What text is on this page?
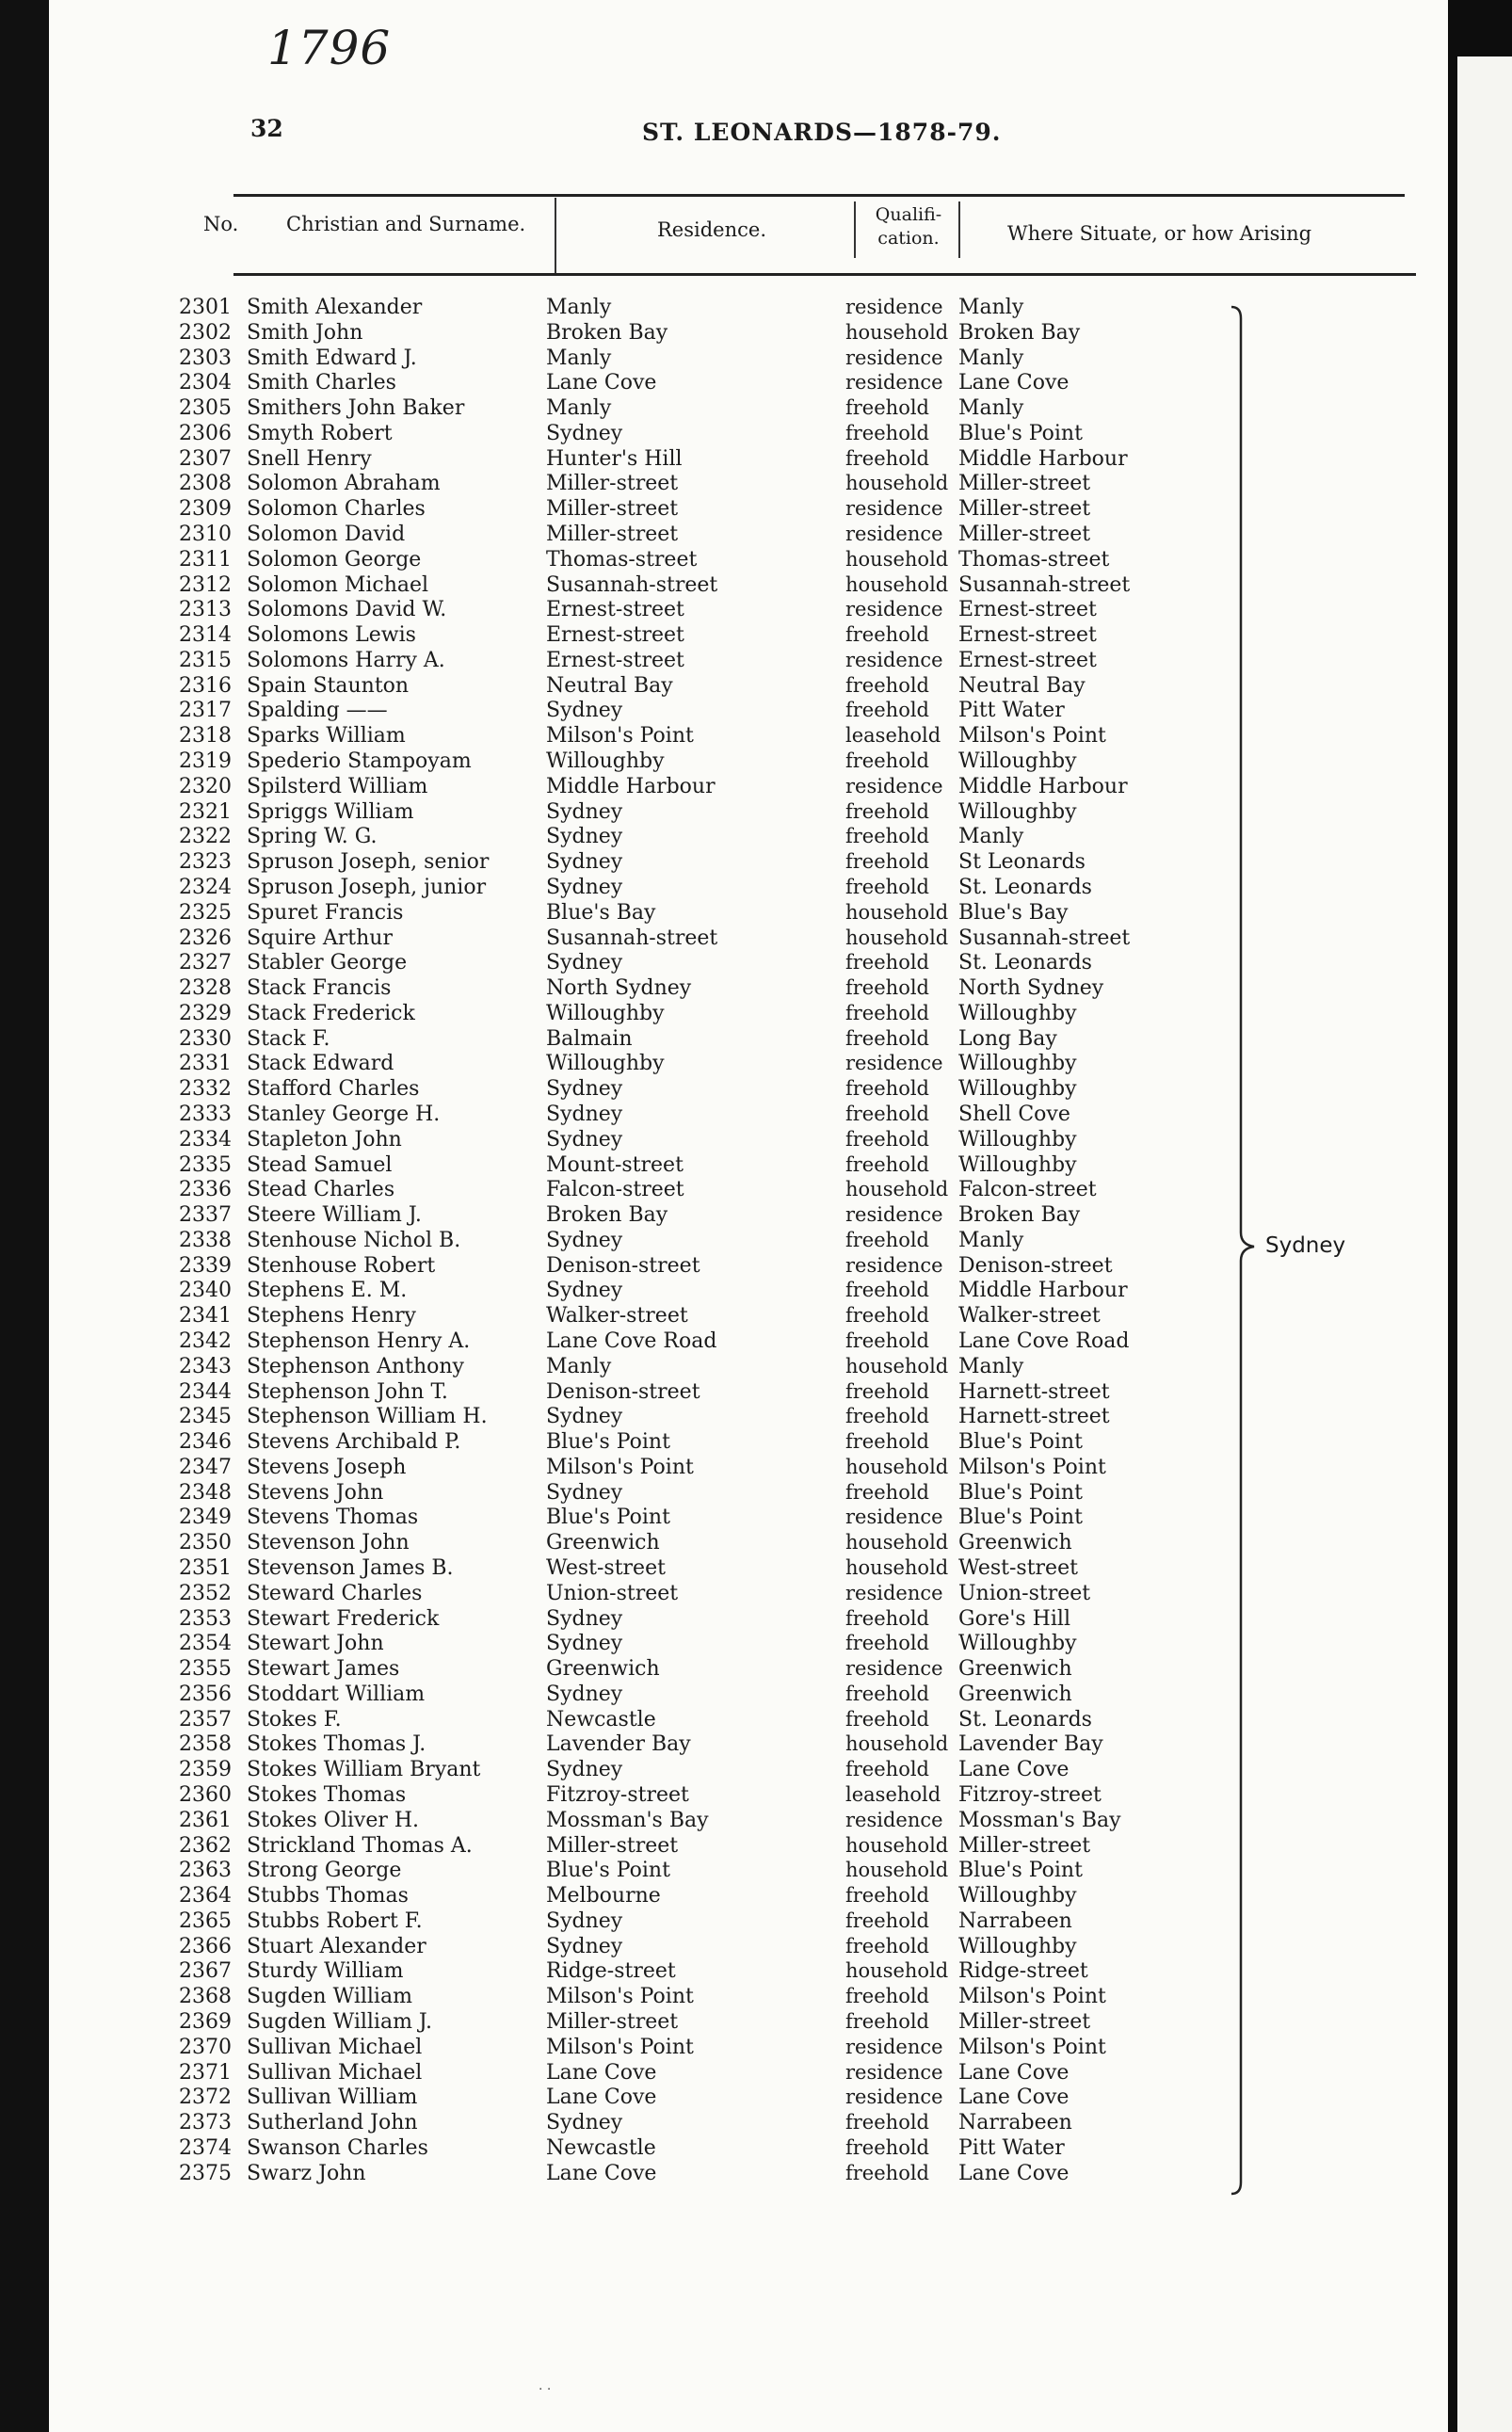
1796
32	ST. LEONARDS—1878-79.
No. Christian and Surname.	Residence.
Qualifi-
cation.	Where Situate, or how Arising
2301 Smith Alexander	Manly	residence Manly
2302 Smith John	Broken Bay	household Broken Bay
2303 Smith Edward J.	Manly	residence Manly
2304 Smith Charles	Lane Cove	residence Lane Cove
2305 Smithers John Baker	Manly	freehold Manly
2306 Smyth Robert	Sydney	freehold Blue's Point
2307 Snell Henry	Hunter's Hill	freehold Middle Harbour
2308 Solomon Abraham	Miller-street	household Miller-street
2309 Solomon Charles	Miller-street	residence Miller-street
2310 Solomon David	Miller-street	residence Miller-street
2311 Solomon George	Thomas-street	household Thomas-street
2312 Solomon Michael	Susannah-street	household Susannah-street
2313 Solomons David W.	Ernest-street	residence Ernest-street
2314 Solomons Lewis	Ernest-street	freehold Ernest-street
2315 Solomons Harry A.	Ernest-street	residence Ernest-street
2316 Spain Staunton	Neutral Bay	freehold Neutral Bay
2317 Spalding ——	Sydney	freehold Pitt Water
2318 Sparks William	Milson's Point	leasehold Milson's Point
2319 Spederio Stampoyam	Willoughby	freehold Willoughby
2320 Spilsterd William	Middle Harbour	residence Middle Harbour
2321 Spriggs William	Sydney	freehold Willoughby
2322 Spring W. G.	Sydney	freehold Manly
2323 Spruson Joseph, senior	Sydney	freehold St Leonards
2324 Spruson Joseph, junior	Sydney	freehold St. Leonards
2325 Spuret Francis	Blue's Bay	household Blue's Bay
2326 Squire Arthur	Susannah-street	household Susannah-street
2327 Stabler George	Sydney	freehold St. Leonards
2328 Stack Francis	North Sydney	freehold North Sydney
2329 Stack Frederick	Willoughby	freehold Willoughby
2330 Stack F.	Balmain	freehold Long Bay
2331 Stack Edward	Willoughby	residence Willoughby
2332 Stafford Charles	Sydney	freehold Willoughby
2333 Stanley George H.	Sydney	freehold Shell Cove
2334 Stapleton John	Sydney	freehold Willoughby
2335 Stead Samuel	Mount-street	freehold Willoughby
2336 Stead Charles	Falcon-street	household Falcon-street
2337 Steere William J.	Broken Bay	residence Broken Bay
2338 Stenhouse Nichol B.	Sydney	freehold Manly
2339 Stenhouse Robert	Denison-street	residence Denison-street
2340 Stephens E. M.	Sydney	freehold Middle Harbour
2341 Stephens Henry	Walker-street	freehold Walker-street
2342 Stephenson Henry A.	Lane Cove Road	freehold Lane Cove Road
2343 Stephenson Anthony	Manly	household Manly
2344 Stephenson John T.	Denison-street	freehold Harnett-street
2345 Stephenson William H.	Sydney	freehold Harnett-street
2346 Stevens Archibald P.	Blue's Point	freehold Blue's Point
2347 Stevens Joseph	Milson's Point	household Milson's Point
2348 Stevens John	Sydney	freehold Blue's Point
2349 Stevens Thomas	Blue's Point	residence Blue's Point
2350 Stevenson John	Greenwich	household Greenwich
2351 Stevenson James B.	West-street	household West-street
2352 Steward Charles	Union-street	residence Union-street
2353 Stewart Frederick	Sydney	freehold Gore's Hill
2354 Stewart John	Sydney	freehold Willoughby
2355 Stewart James	Greenwich	residence Greenwich
2356 Stoddart William	Sydney	freehold Greenwich
2357 Stokes F.	Newcastle	freehold St. Leonards
2358 Stokes Thomas J.	Lavender Bay	household Lavender Bay
2359 Stokes William Bryant	Sydney	freehold Lane Cove
2360 Stokes Thomas	Fitzroy-street	leasehold Fitzroy-street
2361 Stokes Oliver H.	Mossman's Bay	residence Mossman's Bay
2362 Strickland Thomas A.	Miller-street	household Miller-street
2363 Strong George	Blue's Point	household Blue's Point
2364 Stubbs Thomas	Melbourne	freehold Willoughby
2365 Stubbs Robert F.	Sydney	freehold Narrabeen
2366 Stuart Alexander	Sydney	freehold Willoughby
2367 Sturdy William	Ridge-street	household Ridge-street
2368 Sugden William	Milson's Point	freehold Milson's Point
2369 Sugden William J.	Miller-street	freehold Miller-street
2370 Sullivan Michael	Milson's Point	residence Milson's Point
2371 Sullivan Michael	Lane Cove	residence Lane Cove
2372 Sullivan William	Lane Cove	residence Lane Cove
2373 Sutherland John	Sydney	freehold Narrabeen
2374 Swanson Charles	Newcastle	freehold Pitt Water
2375 Swarz John	Lane Cove	freehold Lane Cove
Sydney
· ·
